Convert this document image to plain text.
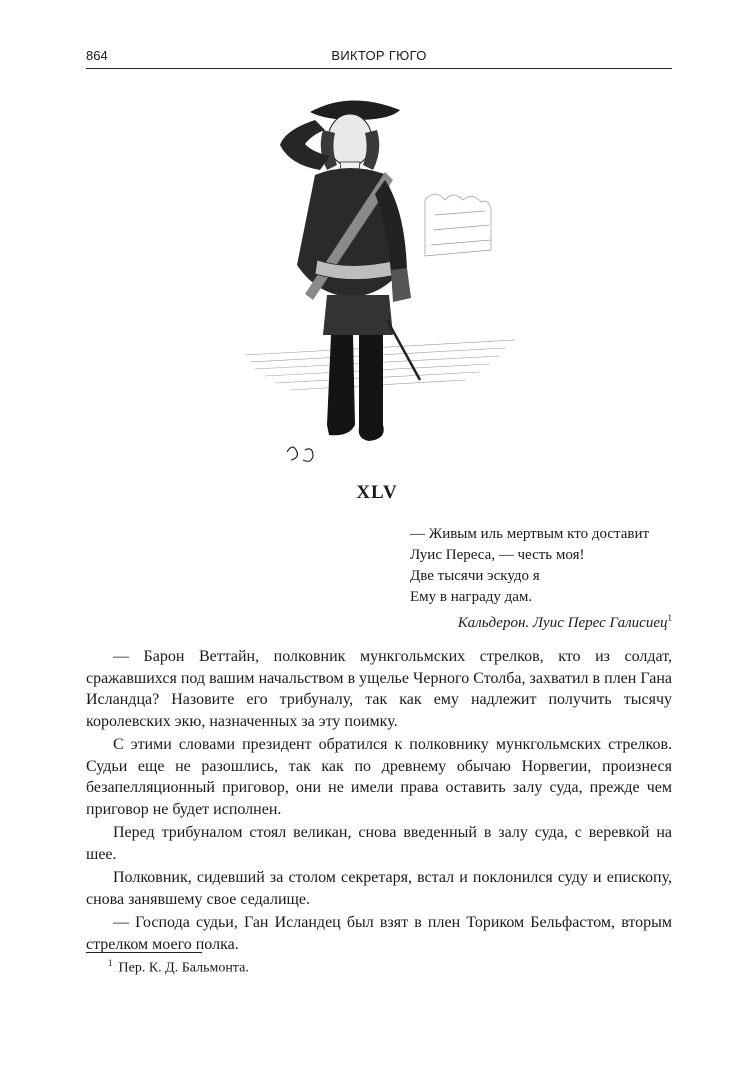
864	ВИКТОР ГЮГО
XLV
— Живым иль мертвым кто доставит
Луис Переса, — честь моя!
Две тысячи эскудо я
Ему в награду дам.
Кальдерон. Луис Перес Галисиец$^1$

— Барон Веттайн, полковник мункгольмских стрелков, кто из солдат, сражавшихся под вашим начальством в ущелье Черного Столба, захватил в плен Гана Исландца? Назовите его трибуналу, так как ему надлежит получить тысячу королевских экю, назначенных за эту поимку.

С этими словами президент обратился к полковнику мункгольмских стрелков. Судьи еще не разошлись, так как по древнему обычаю Норвегии, произнеся безапелляционный приговор, они не имели права оставить залу суда, прежде чем приговор не будет исполнен.

Перед трибуналом стоял великан, снова введенный в залу суда, с веревкой на шее.

Полковник, сидевший за столом секретаря, встал и поклонился суду и епископу, снова занявшему свое седалище.

— Господа судьи, Ган Исландец был взят в плен Ториком Бельфастом, вторым стрелком моего полка.

$^1$ Пер. К. Д. Бальмонта.
